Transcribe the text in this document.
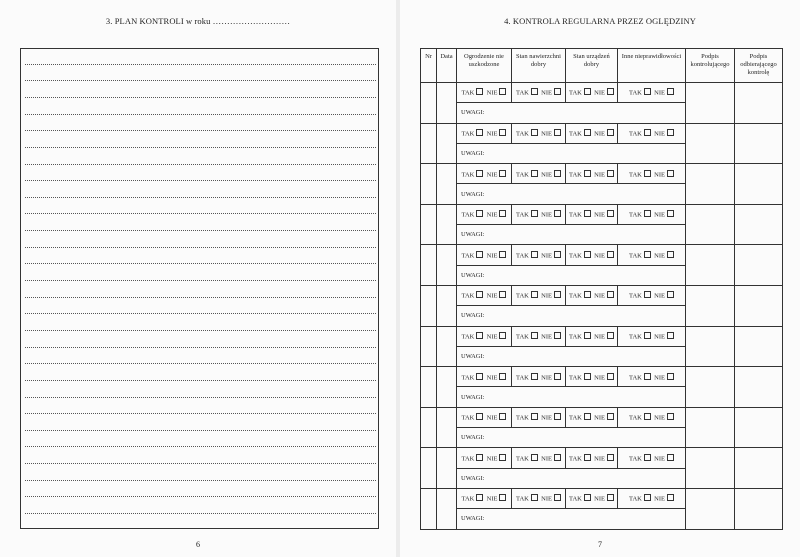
3. PLAN KONTROLI w roku ………………………
6
4. KONTROLA REGULARNA PRZEZ OGLĘDZINY
Nr	Data	Ogrodzenie nie uszkodzone	Stan nawierzchni dobry	Stan urządzeń dobry	Inne nieprawidłowości	Podpis kontrolującego	Podpis odbierającego kontrolę
		TAK NIE	TAK NIE	TAK NIE	TAK NIE		
		UWAGI:					
		TAK NIE	TAK NIE	TAK NIE	TAK NIE		
		UWAGI:					
		TAK NIE	TAK NIE	TAK NIE	TAK NIE		
		UWAGI:					
		TAK NIE	TAK NIE	TAK NIE	TAK NIE		
		UWAGI:					
		TAK NIE	TAK NIE	TAK NIE	TAK NIE		
		UWAGI:					
		TAK NIE	TAK NIE	TAK NIE	TAK NIE		
		UWAGI:					
		TAK NIE	TAK NIE	TAK NIE	TAK NIE		
		UWAGI:					
		TAK NIE	TAK NIE	TAK NIE	TAK NIE		
		UWAGI:					
		TAK NIE	TAK NIE	TAK NIE	TAK NIE		
		UWAGI:					
		TAK NIE	TAK NIE	TAK NIE	TAK NIE		
		UWAGI:					
		TAK NIE	TAK NIE	TAK NIE	TAK NIE		
		UWAGI:					
7
